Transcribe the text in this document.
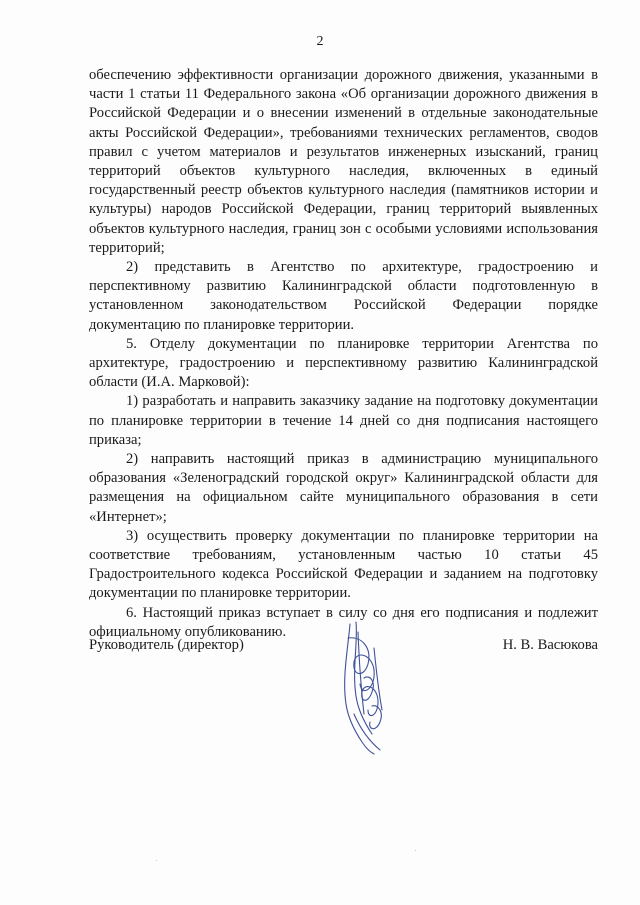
2

обеспечению эффективности организации дорожного движения, указанными в части 1 статьи 11 Федерального закона «Об организации дорожного движения в Российской Федерации и о внесении изменений в отдельные законодательные акты Российской Федерации», требованиями технических регламентов, сводов правил с учетом материалов и результатов инженерных изысканий, границ территорий объектов культурного наследия, включенных в единый государственный реестр объектов культурного наследия (памятников истории и культуры) народов Российской Федерации, границ территорий выявленных объектов культурного наследия, границ зон с особыми условиями использования территорий;

2) представить в Агентство по архитектуре, градостроению и перспективному развитию Калининградской области подготовленную в установленном законодательством Российской Федерации порядке документацию по планировке территории.

5. Отделу документации по планировке территории Агентства по архитектуре, градостроению и перспективному развитию Калининградской области (И.А. Марковой):

1) разработать и направить заказчику задание на подготовку документации по планировке территории в течение 14 дней со дня подписания настоящего приказа;

2) направить настоящий приказ в администрацию муниципального образования «Зеленоградский городской округ» Калининградской области для размещения на официальном сайте муниципального образования в сети «Интернет»;

3) осуществить проверку документации по планировке территории на соответствие требованиям, установленным частью 10 статьи 45 Градостроительного кодекса Российской Федерации и заданием на подготовку документации по планировке территории.

6. Настоящий приказ вступает в силу со дня его подписания и подлежит официальному опубликованию.

Руководитель (директор)	Н. В. Васюкова
